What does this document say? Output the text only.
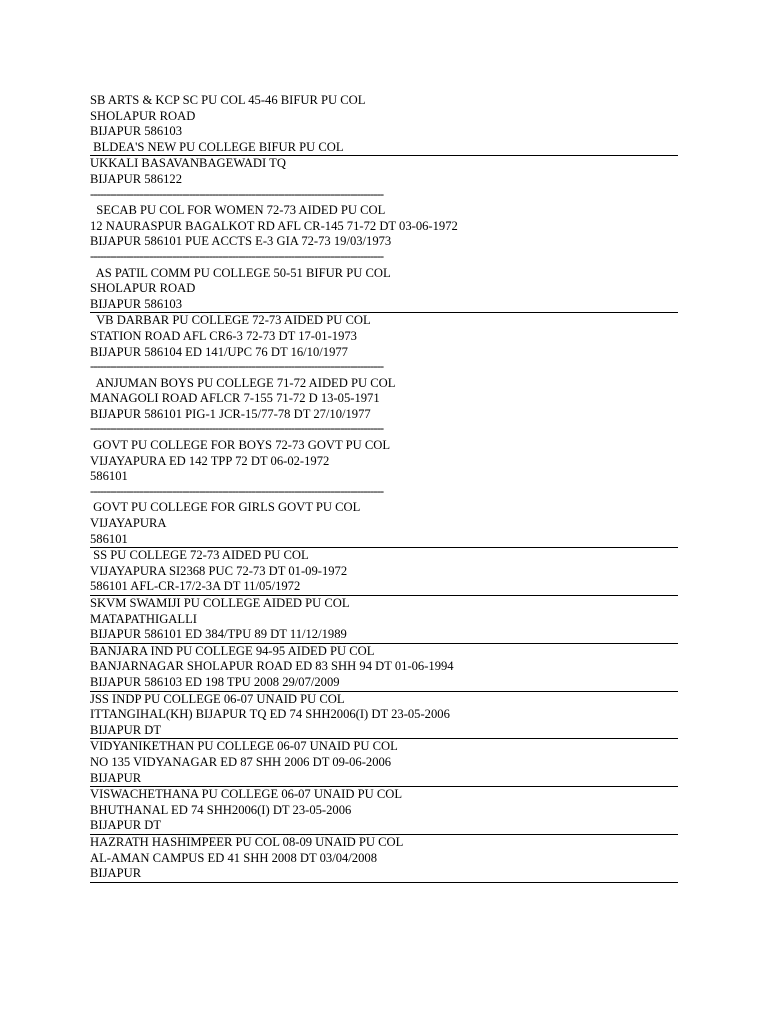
SB ARTS & KCP SC PU COL 45-46 BIFUR PU COL
SHOLAPUR ROAD
BIJAPUR 586103
BLDEA'S NEW PU COLLEGE BIFUR PU COL
UKKALI BASAVANBAGEWADI TQ
BIJAPUR 586122
-----------------------------------------------------------------------------------------
SECAB PU COL FOR WOMEN 72-73 AIDED PU COL
12 NAURASPUR BAGALKOT RD AFL CR-145 71-72 DT 03-06-1972
BIJAPUR 586101 PUE ACCTS E-3 GIA 72-73 19/03/1973
-----------------------------------------------------------------------------------------
AS PATIL COMM PU COLLEGE 50-51 BIFUR PU COL
SHOLAPUR ROAD
BIJAPUR 586103
VB DARBAR PU COLLEGE 72-73 AIDED PU COL
STATION ROAD AFL CR6-3 72-73 DT 17-01-1973
BIJAPUR 586104 ED 141/UPC 76 DT 16/10/1977
-----------------------------------------------------------------------------------------
ANJUMAN BOYS PU COLLEGE 71-72 AIDED PU COL
MANAGOLI ROAD AFLCR 7-155 71-72 D 13-05-1971
BIJAPUR 586101 PIG-1 JCR-15/77-78 DT 27/10/1977
-----------------------------------------------------------------------------------------
GOVT PU COLLEGE FOR BOYS 72-73 GOVT PU COL
VIJAYAPURA ED 142 TPP 72 DT 06-02-1972
586101
-----------------------------------------------------------------------------------------
GOVT PU COLLEGE FOR GIRLS GOVT PU COL
VIJAYAPURA
586101
SS PU COLLEGE 72-73 AIDED PU COL
VIJAYAPURA SI2368 PUC 72-73 DT 01-09-1972
586101 AFL-CR-17/2-3A DT 11/05/1972
SKVM SWAMIJI PU COLLEGE AIDED PU COL
MATAPATHIGALLI
BIJAPUR 586101 ED 384/TPU 89 DT 11/12/1989
BANJARA IND PU COLLEGE 94-95 AIDED PU COL
BANJARNAGAR SHOLAPUR ROAD ED 83 SHH 94 DT 01-06-1994
BIJAPUR 586103 ED 198 TPU 2008 29/07/2009
JSS INDP PU COLLEGE 06-07 UNAID PU COL
ITTANGIHAL(KH) BIJAPUR TQ ED 74 SHH2006(I) DT 23-05-2006
BIJAPUR DT
VIDYANIKETHAN PU COLLEGE 06-07 UNAID PU COL
NO 135 VIDYANAGAR ED 87 SHH 2006 DT 09-06-2006
BIJAPUR
VISWACHETHANA PU COLLEGE 06-07 UNAID PU COL
BHUTHANAL ED 74 SHH2006(I) DT 23-05-2006
BIJAPUR DT
HAZRATH HASHIMPEER PU COL 08-09 UNAID PU COL
AL-AMAN CAMPUS ED 41 SHH 2008 DT 03/04/2008
BIJAPUR
